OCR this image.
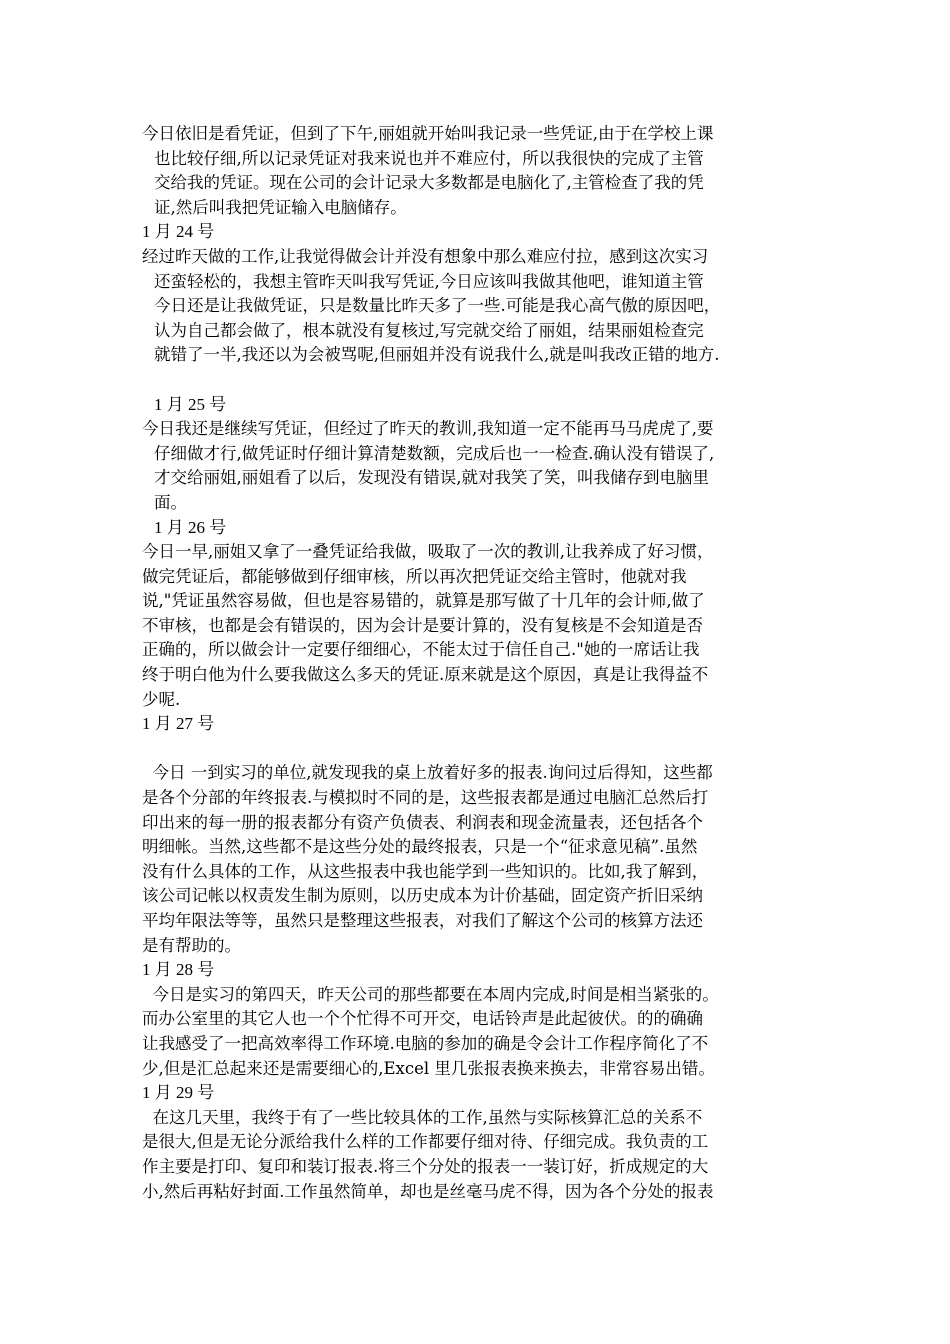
今日依旧是看凭证，但到了下午,丽姐就开始叫我记录一些凭证,由于在学校上课
也比较仔细,所以记录凭证对我来说也并不难应付，所以我很快的完成了主管
交给我的凭证。现在公司的会计记录大多数都是电脑化了,主管检查了我的凭
证,然后叫我把凭证输入电脑储存。
1 月 24 号
经过昨天做的工作,让我觉得做会计并没有想象中那么难应付拉，感到这次实习
还蛮轻松的，我想主管昨天叫我写凭证,今日应该叫我做其他吧，谁知道主管
今日还是让我做凭证，只是数量比昨天多了一些.可能是我心高气傲的原因吧，
认为自己都会做了，根本就没有复核过,写完就交给了丽姐，结果丽姐检查完
就错了一半,我还以为会被骂呢,但丽姐并没有说我什么,就是叫我改正错的地方.
1 月 25 号
今日我还是继续写凭证，但经过了昨天的教训,我知道一定不能再马马虎虎了,要
仔细做才行,做凭证时仔细计算清楚数额，完成后也一一检查.确认没有错误了,
才交给丽姐,丽姐看了以后，发现没有错误,就对我笑了笑，叫我储存到电脑里
面。
1 月 26 号
今日一早,丽姐又拿了一叠凭证给我做，吸取了一次的教训,让我养成了好习惯，
做完凭证后，都能够做到仔细审核，所以再次把凭证交给主管时，他就对我
说,"凭证虽然容易做，但也是容易错的，就算是那写做了十几年的会计师,做了
不审核，也都是会有错误的，因为会计是要计算的，没有复核是不会知道是否
正确的，所以做会计一定要仔细细心，不能太过于信任自己."她的一席话让我
终于明白他为什么要我做这么多天的凭证.原来就是这个原因，真是让我得益不
少呢.
1 月 27 号
今日 一到实习的单位,就发现我的桌上放着好多的报表.询问过后得知，这些都
是各个分部的年终报表.与模拟时不同的是，这些报表都是通过电脑汇总然后打
印出来的每一册的报表都分有资产负债表、利润表和现金流量表，还包括各个
明细帐。当然,这些都不是这些分处的最终报表，只是一个“征求意见稿”.虽然
没有什么具体的工作，从这些报表中我也能学到一些知识的。比如,我了解到，
该公司记帐以权责发生制为原则，以历史成本为计价基础，固定资产折旧采纳
平均年限法等等，虽然只是整理这些报表，对我们了解这个公司的核算方法还
是有帮助的。
1 月 28 号
今日是实习的第四天，昨天公司的那些都要在本周内完成,时间是相当紧张的。
而办公室里的其它人也一个个忙得不可开交，电话铃声是此起彼伏。的的确确
让我感受了一把高效率得工作环境.电脑的参加的确是令会计工作程序简化了不
少,但是汇总起来还是需要细心的,Excel 里几张报表换来换去，非常容易出错。
1 月 29 号
在这几天里，我终于有了一些比较具体的工作,虽然与实际核算汇总的关系不
是很大,但是无论分派给我什么样的工作都要仔细对待、仔细完成。我负责的工
作主要是打印、复印和装订报表.将三个分处的报表一一装订好，折成规定的大
小,然后再粘好封面.工作虽然简单，却也是丝毫马虎不得，因为各个分处的报表
